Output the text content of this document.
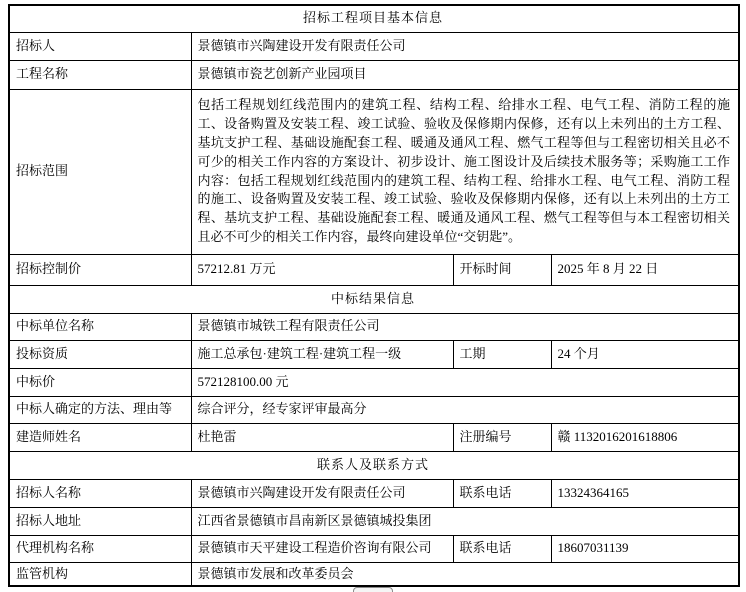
招标工程项目基本信息			
招标人	景德镇市兴陶建设开发有限责任公司		
工程名称	景德镇市瓷艺创新产业园项目		
招标范围	包括工程规划红线范围内的建筑工程、结构工程、给排水工程、电气工程、消防工程的施工、设备购置及安装工程、竣工试验、验收及保修期内保修，还有以上未列出的土方工程、基坑支护工程、基础设施配套工程、暖通及通风工程、燃气工程等但与工程密切相关且必不可少的相关工作内容的方案设计、初步设计、施工图设计及后续技术服务等；采购施工工作内容：包括工程规划红线范围内的建筑工程、结构工程、给排水工程、电气工程、消防工程的施工、设备购置及安装工程、竣工试验、验收及保修期内保修，还有以上未列出的土方工程、基坑支护工程、基础设施配套工程、暖通及通风工程、燃气工程等但与本工程密切相关且必不可少的相关工作内容，最终向建设单位“交钥匙”。		
招标控制价	57212.81 万元	开标时间	2025 年 8 月 22 日
中标结果信息			
中标单位名称	景德镇市城铁工程有限责任公司		
投标资质	施工总承包·建筑工程·建筑工程一级	工期	24 个月
中标价	572128100.00 元		
中标人确定的方法、理由等	综合评分，经专家评审最高分		
建造师姓名	杜艳雷	注册编号	赣 1132016201618806
联系人及联系方式			
招标人名称	景德镇市兴陶建设开发有限责任公司	联系电话	13324364165
招标人地址	江西省景德镇市昌南新区景德镇城投集团		
代理机构名称	景德镇市天平建设工程造价咨询有限公司	联系电话	18607031139
监管机构	景德镇市发展和改革委员会		
